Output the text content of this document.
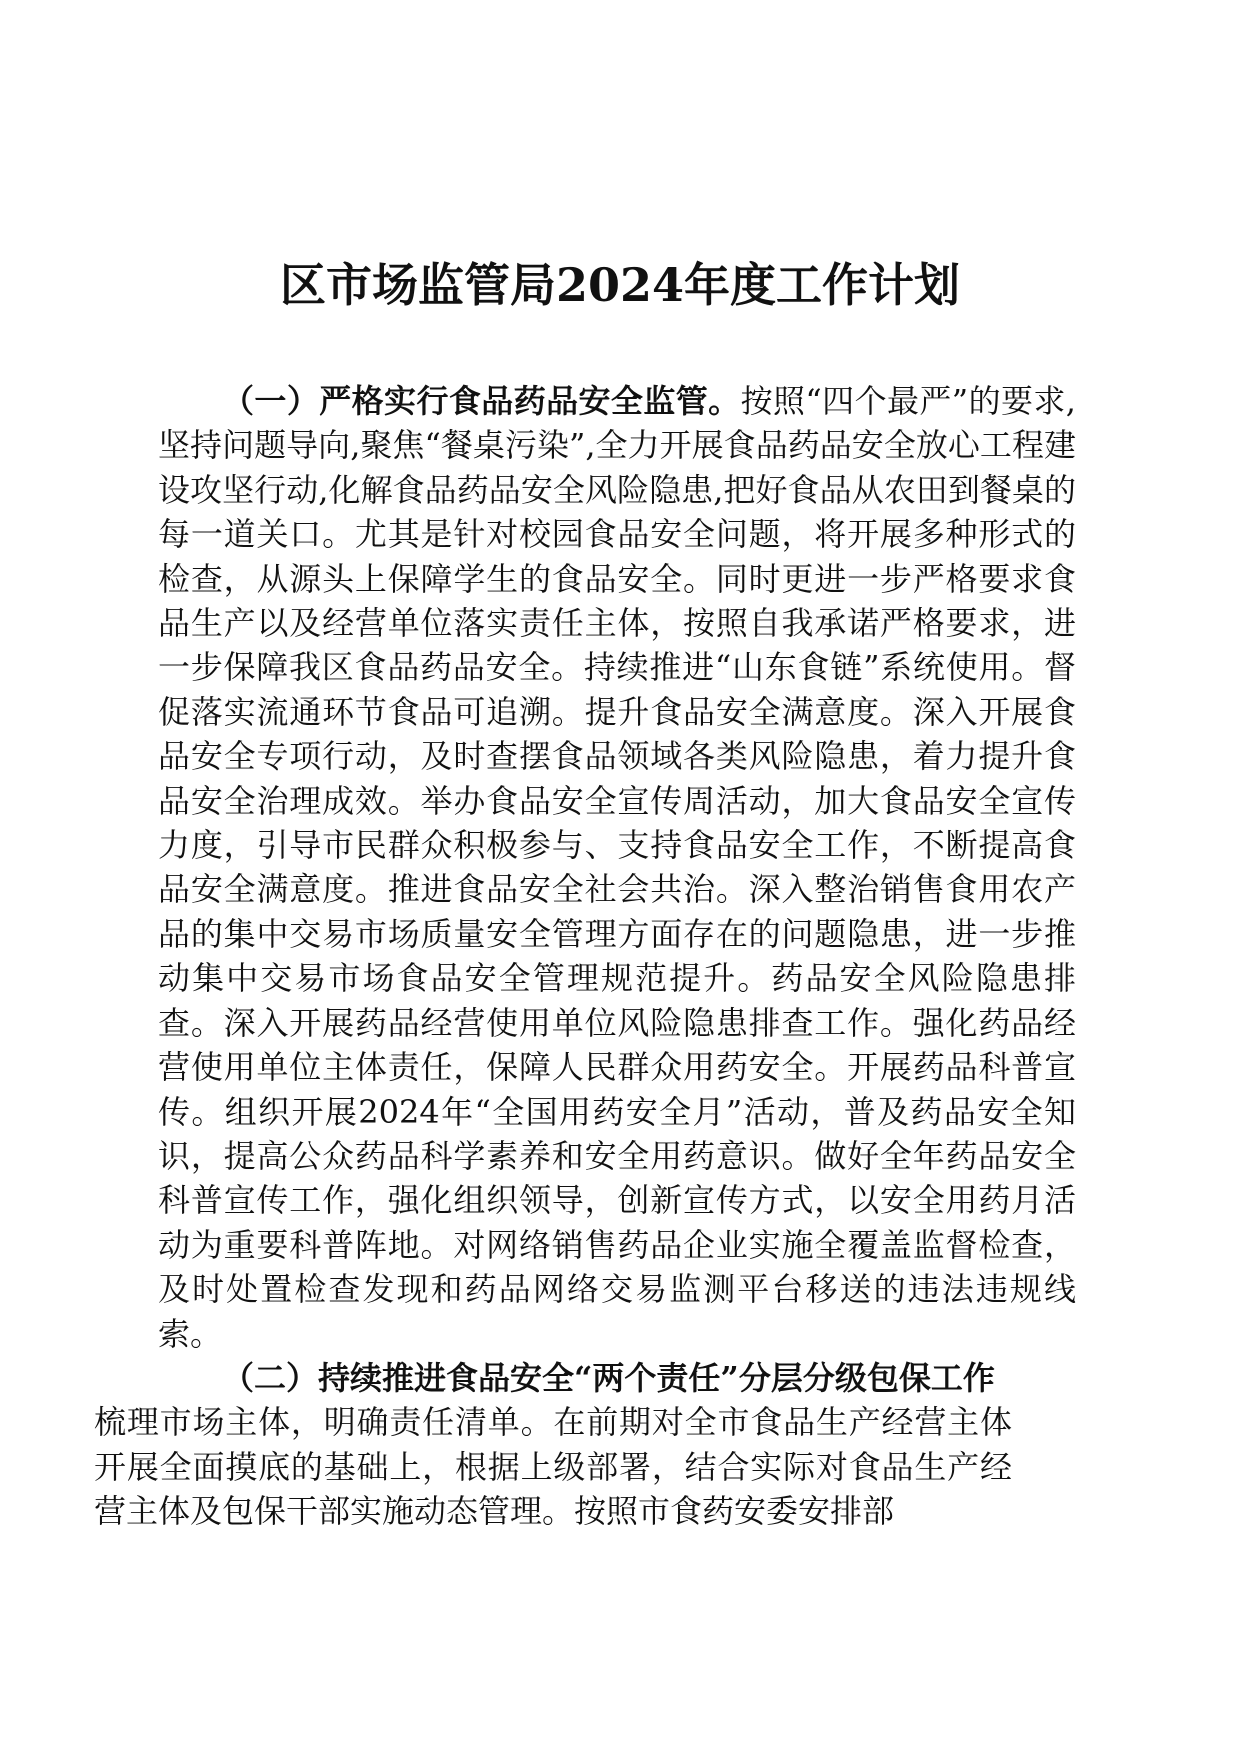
区市场监管局2024年度工作计划

（一）严格实行食品药品安全监管。按照“四个最严”的要求,坚持问题导向,聚焦“餐桌污染”,全力开展食品药品安全放心工程建设攻坚行动,化解食品药品安全风险隐患,把好食品从农田到餐桌的每一道关口。尤其是针对校园食品安全问题，将开展多种形式的检查，从源头上保障学生的食品安全。同时更进一步严格要求食品生产以及经营单位落实责任主体，按照自我承诺严格要求，进一步保障我区食品药品安全。持续推进“山东食链”系统使用。督促落实流通环节食品可追溯。提升食品安全满意度。深入开展食品安全专项行动，及时查摆食品领域各类风险隐患，着力提升食品安全治理成效。举办食品安全宣传周活动，加大食品安全宣传力度，引导市民群众积极参与、支持食品安全工作，不断提高食品安全满意度。推进食品安全社会共治。深入整治销售食用农产品的集中交易市场质量安全管理方面存在的问题隐患，进一步推动集中交易市场食品安全管理规范提升。药品安全风险隐患排查。深入开展药品经营使用单位风险隐患排查工作。强化药品经营使用单位主体责任，保障人民群众用药安全。开展药品科普宣传。组织开展2024年“全国用药安全月”活动，普及药品安全知识，提高公众药品科学素养和安全用药意识。做好全年药品安全科普宣传工作，强化组织领导，创新宣传方式，以安全用药月活动为重要科普阵地。对网络销售药品企业实施全覆盖监督检查，及时处置检查发现和药品网络交易监测平台移送的违法违规线索。

（二）持续推进食品安全“两个责任”分层分级包保工作
梳理市场主体，明确责任清单。在前期对全市食品生产经营主体开展全面摸底的基础上，根据上级部署，结合实际对食品生产经营主体及包保干部实施动态管理。按照市食药安委安排部
